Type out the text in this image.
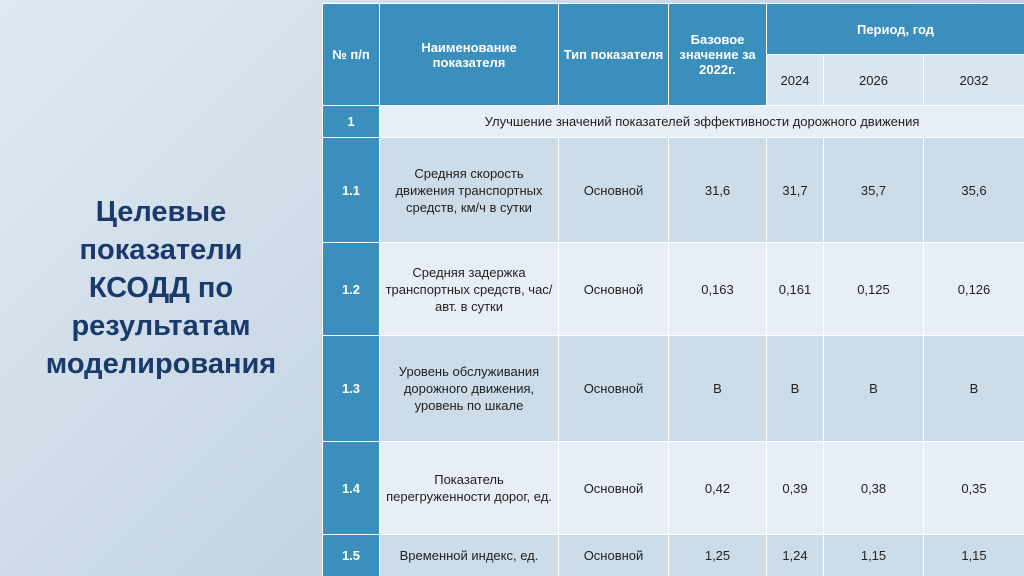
Целевые показатели КСОДД по результатам моделирования
№ п/п	Наименование показателя	Тип показателя	Базовое значение за 2022г.	Период, год		
				2024	2026	2032
1	Улучшение значений показателей эффективности дорожного движения					
1.1	Средняя скорость движения транспортных средств, км/ч в сутки	Основной	31,6	31,7	35,7	35,6
1.2	Средняя задержка транспортных средств, час/авт. в сутки	Основной	0,163	0,161	0,125	0,126
1.3	Уровень обслуживания дорожного движения, уровень по шкале	Основной	B	B	B	B
1.4	Показатель перегруженности дорог, ед.	Основной	0,42	0,39	0,38	0,35
1.5	Временной индекс, ед.	Основной	1,25	1,24	1,15	1,15
